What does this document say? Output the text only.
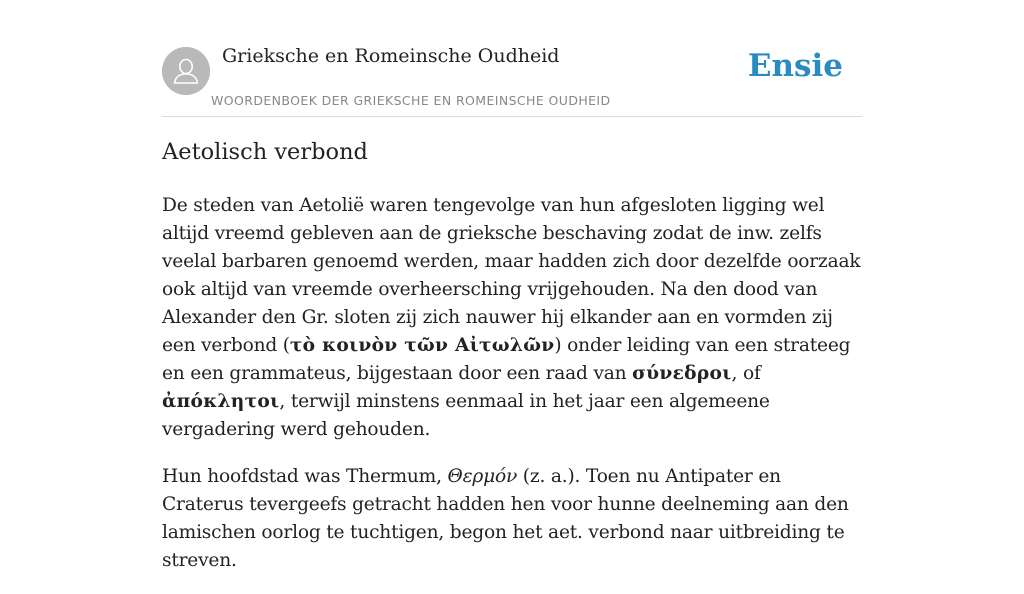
Grieksche en Romeinsche Oudheid
WOORDENBOEK DER GRIEKSCHE EN ROMEINSCHE OUDHEID
Ensie
Aetolisch verbond

De steden van Aetolië waren tengevolge van hun afgesloten ligging wel altijd vreemd gebleven aan de grieksche beschaving zodat de inw. zelfs veelal barbaren genoemd werden, maar hadden zich door dezelfde oorzaak ook altijd van vreemde overheersching vrijgehouden. Na den dood van Alexander den Gr. sloten zij zich nauwer hij elkander aan en vormden zij een verbond (τὸ κοινὸν τῶν Αἰτωλῶν) onder leiding van een strateeg en een grammateus, bijgestaan door een raad van σύνεδροι, of ἀπόκλητοι, terwijl minstens eenmaal in het jaar een algemeene vergadering werd gehouden.

Hun hoofdstad was Thermum, Θερμόν (z. a.). Toen nu Antipater en Craterus tevergeefs getracht hadden hen voor hunne deelneming aan den lamischen oorlog te tuchtigen, begon het aet. verbond naar uitbreiding te streven.
